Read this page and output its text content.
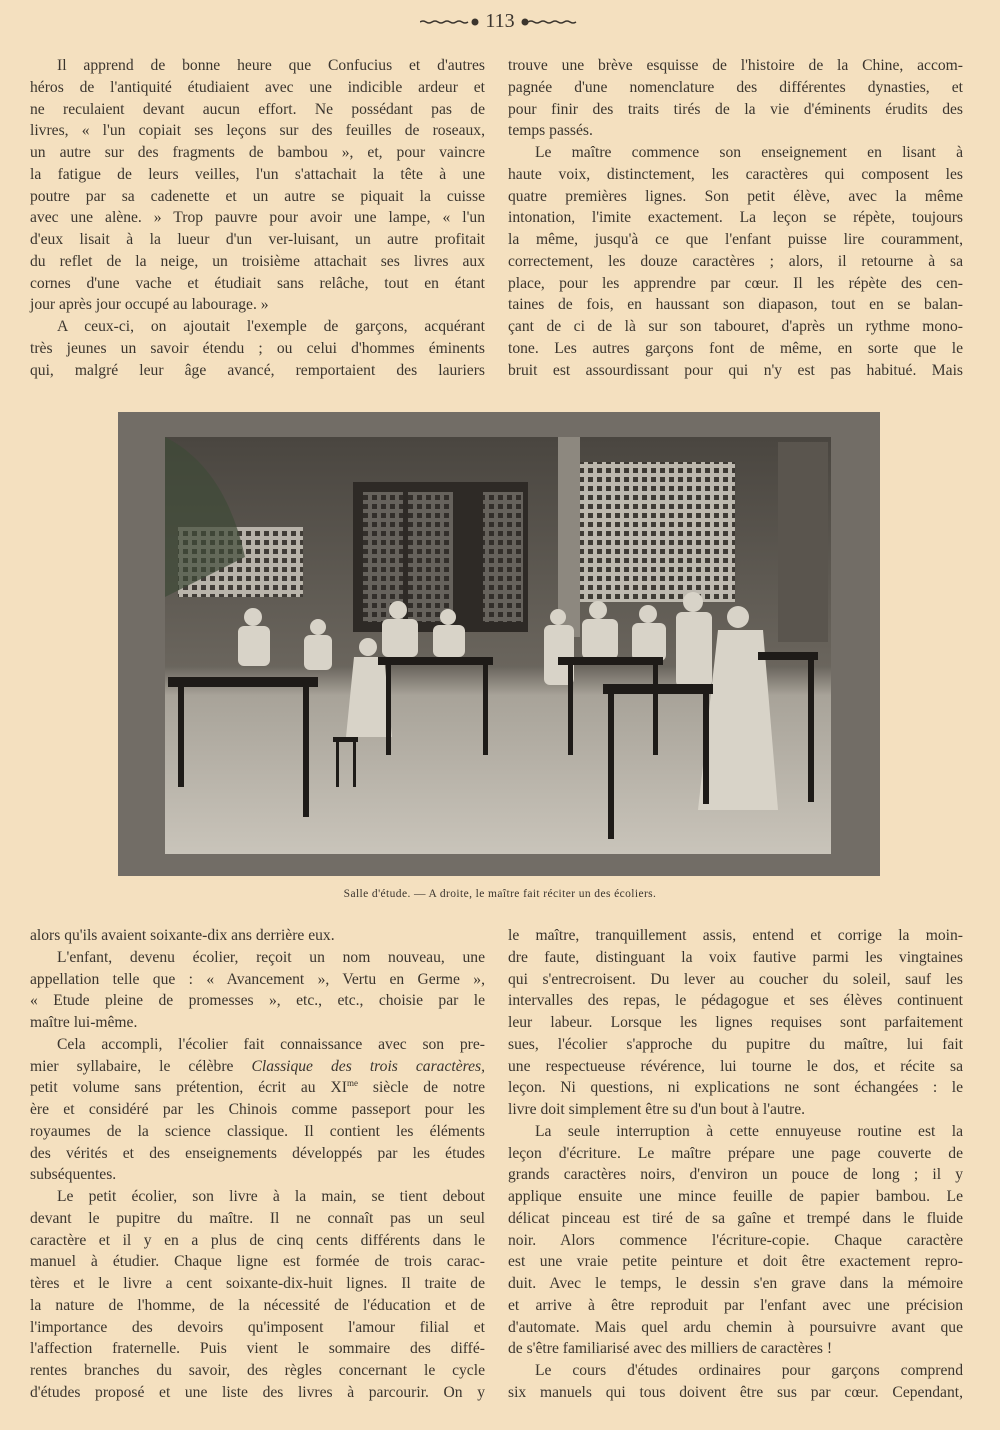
113
Il apprend de bonne heure que Confucius et d'autres
héros de l'antiquité étudiaient avec une indicible ardeur et
ne reculaient devant aucun effort. Ne possédant pas de
livres, « l'un copiait ses leçons sur des feuilles de roseaux,
un autre sur des fragments de bambou », et, pour vaincre
la fatigue de leurs veilles, l'un s'attachait la tête à une
poutre par sa cadenette et un autre se piquait la cuisse
avec une alène. » Trop pauvre pour avoir une lampe, « l'un
d'eux lisait à la lueur d'un ver-luisant, un autre profitait
du reflet de la neige, un troisième attachait ses livres aux
cornes d'une vache et étudiait sans relâche, tout en étant
jour après jour occupé au labourage. »
A ceux-ci, on ajoutait l'exemple de garçons, acquérant
très jeunes un savoir étendu ; ou celui d'hommes éminents
qui, malgré leur âge avancé, remportaient des lauriers
trouve une brève esquisse de l'histoire de la Chine, accom-
pagnée d'une nomenclature des différentes dynasties, et
pour finir des traits tirés de la vie d'éminents érudits des
temps passés.
Le maître commence son enseignement en lisant à
haute voix, distinctement, les caractères qui composent les
quatre premières lignes. Son petit élève, avec la même
intonation, l'imite exactement. La leçon se répète, toujours
la même, jusqu'à ce que l'enfant puisse lire couramment,
correctement, les douze caractères ; alors, il retourne à sa
place, pour les apprendre par cœur. Il les répète des cen-
taines de fois, en haussant son diapason, tout en se balan-
çant de ci de là sur son tabouret, d'après un rythme mono-
tone. Les autres garçons font de même, en sorte que le
bruit est assourdissant pour qui n'y est pas habitué. Mais
Salle d'étude. — A droite, le maître fait réciter un des écoliers.
alors qu'ils avaient soixante-dix ans derrière eux.
L'enfant, devenu écolier, reçoit un nom nouveau, une
appellation telle que : « Avancement », Vertu en Germe »,
« Etude pleine de promesses », etc., etc., choisie par le
maître lui-même.
Cela accompli, l'écolier fait connaissance avec son pre-
mier syllabaire, le célèbre Classique des trois caractères,
petit volume sans prétention, écrit au $XI^{me}$ siècle de notre
ère et considéré par les Chinois comme passeport pour les
royaumes de la science classique. Il contient les éléments
des vérités et des enseignements développés par les études
subséquentes.
Le petit écolier, son livre à la main, se tient debout
devant le pupitre du maître. Il ne connaît pas un seul
caractère et il y en a plus de cinq cents différents dans le
manuel à étudier. Chaque ligne est formée de trois carac-
tères et le livre a cent soixante-dix-huit lignes. Il traite de
la nature de l'homme, de la nécessité de l'éducation et de
l'importance des devoirs qu'imposent l'amour filial et
l'affection fraternelle. Puis vient le sommaire des diffé-
rentes branches du savoir, des règles concernant le cycle
d'études proposé et une liste des livres à parcourir. On y
le maître, tranquillement assis, entend et corrige la moin-
dre faute, distinguant la voix fautive parmi les vingtaines
qui s'entrecroisent. Du lever au coucher du soleil, sauf les
intervalles des repas, le pédagogue et ses élèves continuent
leur labeur. Lorsque les lignes requises sont parfaitement
sues, l'écolier s'approche du pupitre du maître, lui fait
une respectueuse révérence, lui tourne le dos, et récite sa
leçon. Ni questions, ni explications ne sont échangées : le
livre doit simplement être su d'un bout à l'autre.
La seule interruption à cette ennuyeuse routine est la
leçon d'écriture. Le maître prépare une page couverte de
grands caractères noirs, d'environ un pouce de long ; il y
applique ensuite une mince feuille de papier bambou. Le
délicat pinceau est tiré de sa gaîne et trempé dans le fluide
noir. Alors commence l'écriture-copie. Chaque caractère
est une vraie petite peinture et doit être exactement repro-
duit. Avec le temps, le dessin s'en grave dans la mémoire
et arrive à être reproduit par l'enfant avec une précision
d'automate. Mais quel ardu chemin à poursuivre avant que
de s'être familiarisé avec des milliers de caractères !
Le cours d'études ordinaires pour garçons comprend
six manuels qui tous doivent être sus par cœur. Cependant,
